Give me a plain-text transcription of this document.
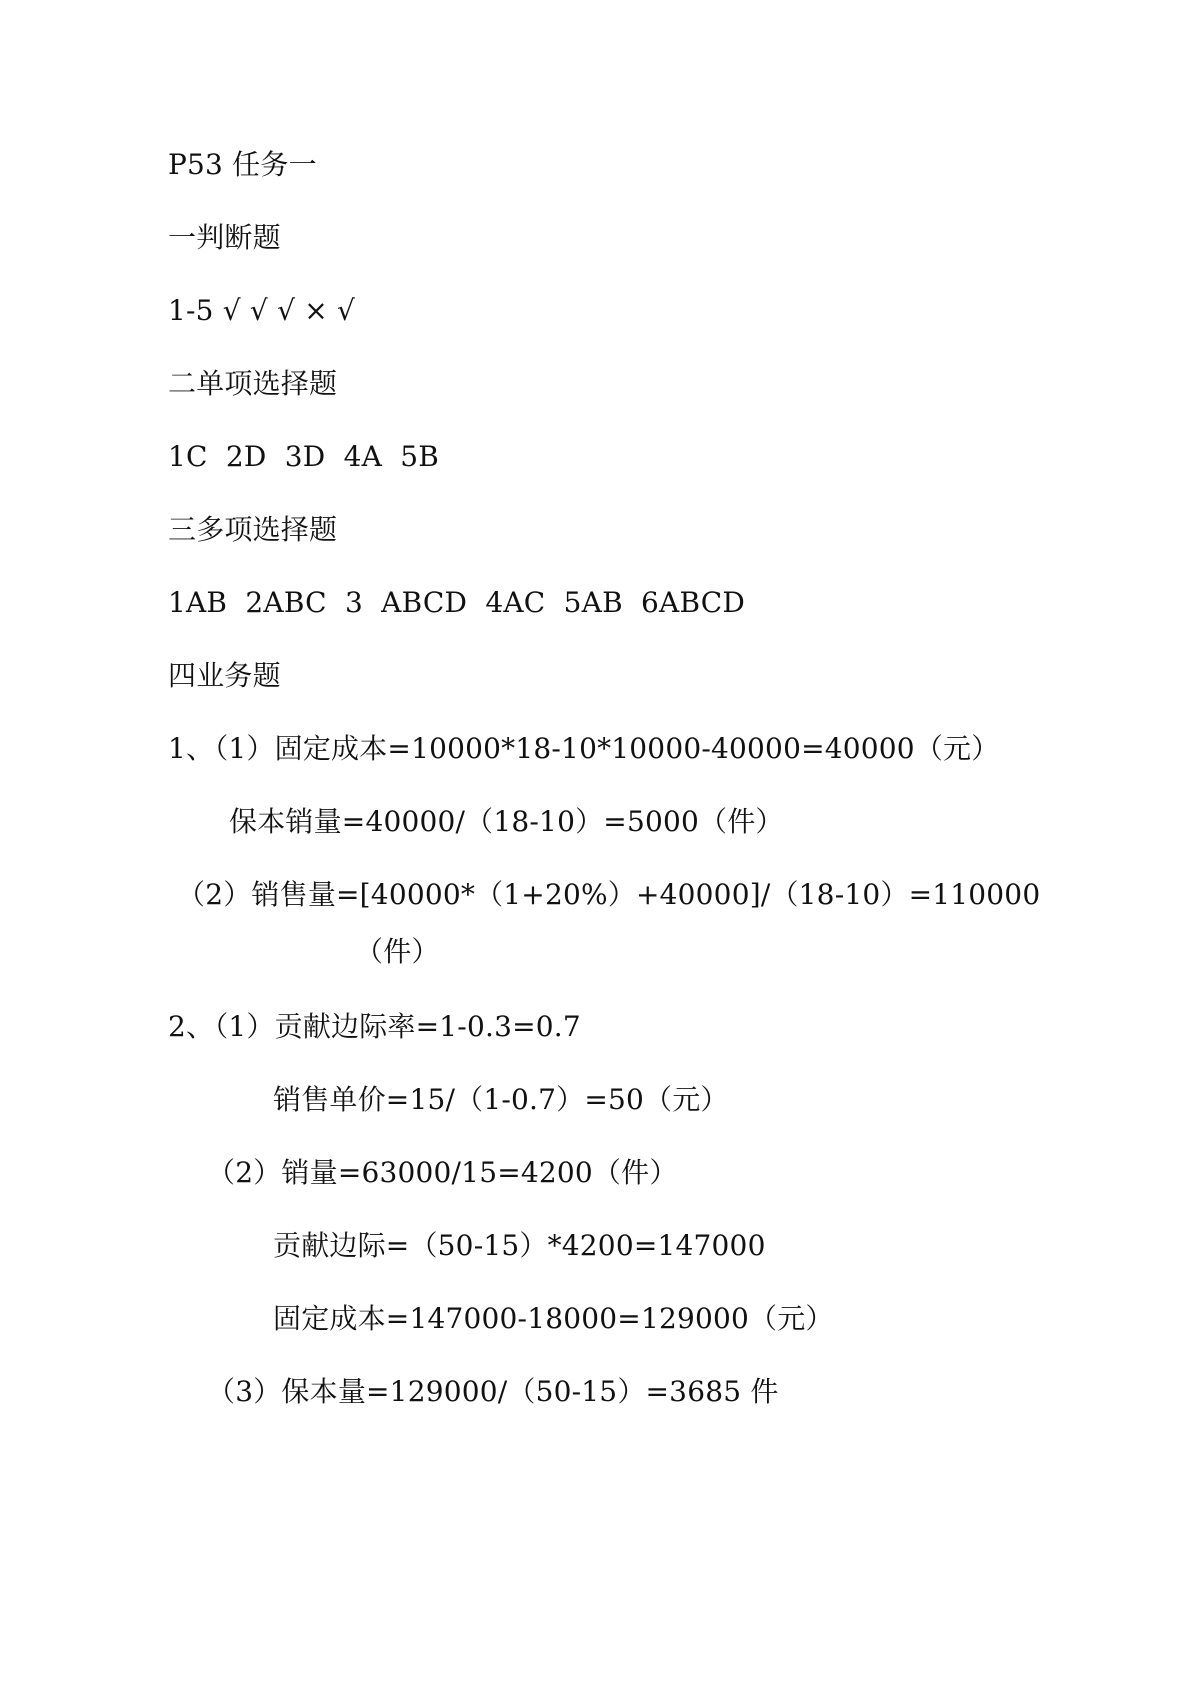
P53 任务一
一判断题
1-5 √ √ √ × √
二单项选择题
1C  2D  3D  4A  5B
三多项选择题
1AB  2ABC  3  ABCD  4AC  5AB  6ABCD
四业务题
1、（1）固定成本=10000*18-10*10000-40000=40000（元）
保本销量=40000/（18-10）=5000（件）
（2）销售量=[40000*（1+20%）+40000]/（18-10）=110000
（件）
2、（1）贡献边际率=1-0.3=0.7
销售单价=15/（1-0.7）=50（元）
（2）销量=63000/15=4200（件）
贡献边际=（50-15）*4200=147000
固定成本=147000-18000=129000（元）
（3）保本量=129000/（50-15）=3685 件
